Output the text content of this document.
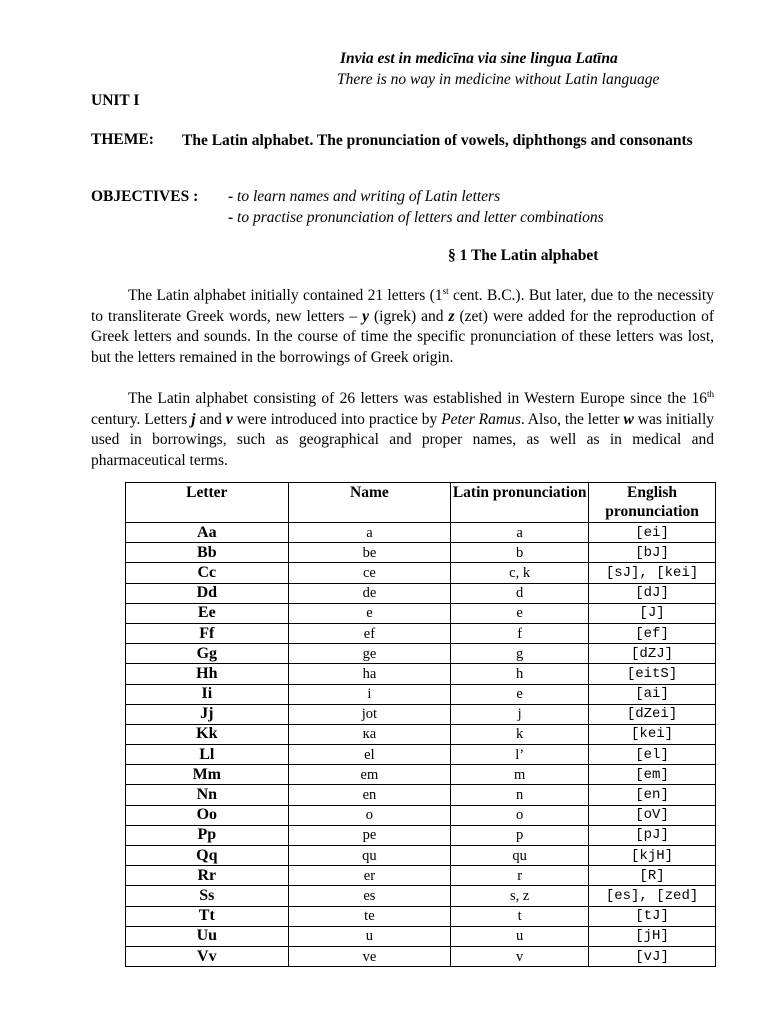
Invia est in medicīna via sine lingua Latīna
There is no way in medicine without Latin language
UNIT I
THEME: The Latin alphabet. The pronunciation of vowels, diphthongs and consonants
OBJECTIVES : - to learn names and writing of Latin letters
- to practise pronunciation of letters and letter combinations
§ 1 The Latin alphabet

The Latin alphabet initially contained 21 letters (1st cent. B.C.). But later, due to the necessity to transliterate Greek words, new letters – y (igrek) and z (zet) were added for the reproduction of Greek letters and sounds. In the course of time the specific pronunciation of these letters was lost, but the letters remained in the borrowings of Greek origin.

The Latin alphabet consisting of 26 letters was established in Western Europe since the 16th century. Letters j and v were introduced into practice by Peter Ramus. Also, the letter w was initially used in borrowings, such as geographical and proper names, as well as in medical and pharmaceutical terms.

Letter	Name	Latin pronunciation	English pronunciation
Aa	a	a	[ei]
Bb	be	b	[bJ]
Cc	ce	c, k	[sJ], [kei]
Dd	de	d	[dJ]
Ee	e	e	[J]
Ff	ef	f	[ef]
Gg	ge	g	[dZJ]
Hh	ha	h	[eitS]
Ii	i	e	[ai]
Jj	jot	j	[dZei]
Kk	кa	k	[kei]
Ll	el	l’	[el]
Mm	em	m	[em]
Nn	en	n	[en]
Oo	o	o	[oV]
Pp	pe	p	[pJ]
Qq	qu	qu	[kjH]
Rr	er	r	[R]
Ss	es	s, z	[es], [zed]
Tt	te	t	[tJ]
Uu	u	u	[jH]
Vv	ve	v	[vJ]
